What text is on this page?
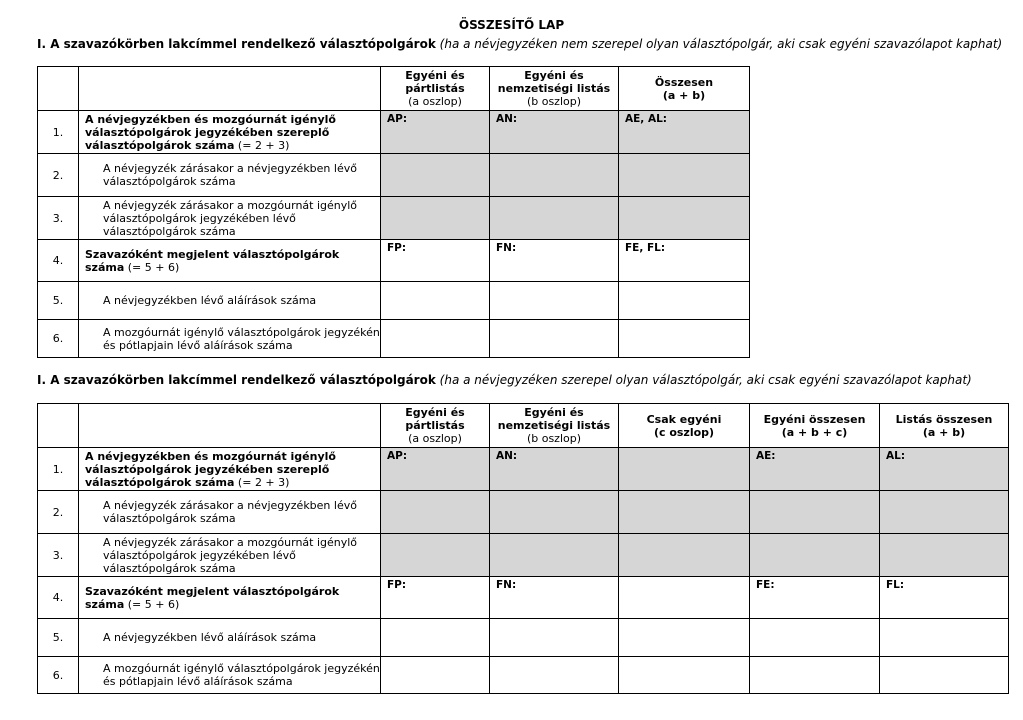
ÖSSZESÍTŐ LAP
I. A szavazókörben lakcímmel rendelkező választópolgárok (ha a névjegyzéken nem szerepel olyan választópolgár, aki csak egyéni szavazólapot kaphat)
		Egyéni és
pártlistás
(a oszlop)	Egyéni és
nemzetiségi listás
(b oszlop)	Összesen
(a + b)
1.	A névjegyzékben és mozgóurnát igénylő választópolgárok jegyzékében szereplő választópolgárok száma (= 2 + 3)	AP:	AN:	AE, AL:
2.	A névjegyzék zárásakor a névjegyzékben lévő választópolgárok száma			
3.	A névjegyzék zárásakor a mozgóurnát igénylő választópolgárok jegyzékében lévő választópolgárok száma			
4.	Szavazóként megjelent választópolgárok száma (= 5 + 6)	FP:	FN:	FE, FL:
5.	A névjegyzékben lévő aláírások száma			
6.	A mozgóurnát igénylő választópolgárok jegyzékén és pótlapjain lévő aláírások száma			
I. A szavazókörben lakcímmel rendelkező választópolgárok (ha a névjegyzéken szerepel olyan választópolgár, aki csak egyéni szavazólapot kaphat)
		Egyéni és
pártlistás
(a oszlop)	Egyéni és
nemzetiségi listás
(b oszlop)	Csak egyéni
(c oszlop)	Egyéni összesen
(a + b + c)	Listás összesen
(a + b)
1.	A névjegyzékben és mozgóurnát igénylő választópolgárok jegyzékében szereplő választópolgárok száma (= 2 + 3)	AP:	AN:		AE:	AL:
2.	A névjegyzék zárásakor a névjegyzékben lévő választópolgárok száma					
3.	A névjegyzék zárásakor a mozgóurnát igénylő választópolgárok jegyzékében lévő választópolgárok száma					
4.	Szavazóként megjelent választópolgárok száma (= 5 + 6)	FP:	FN:		FE:	FL:
5.	A névjegyzékben lévő aláírások száma					
6.	A mozgóurnát igénylő választópolgárok jegyzékén és pótlapjain lévő aláírások száma					
